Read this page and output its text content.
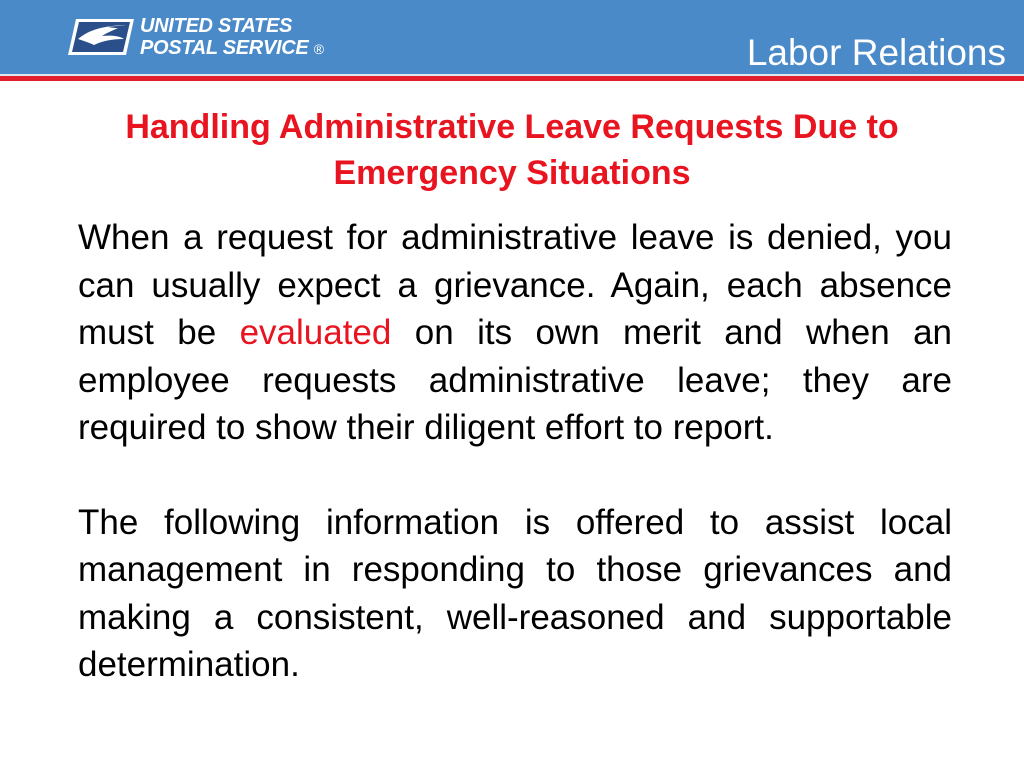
UNITED STATES
POSTAL SERVICE ®	Labor Relations
Handling Administrative Leave Requests Due to Emergency Situations

When a request for administrative leave is denied, you can usually expect a grievance. Again, each absence must be evaluated on its own merit and when an employee requests administrative leave; they are required to show their diligent effort to report.

The following information is offered to assist local management in responding to those grievances and making a consistent, well-reasoned and supportable determination.
